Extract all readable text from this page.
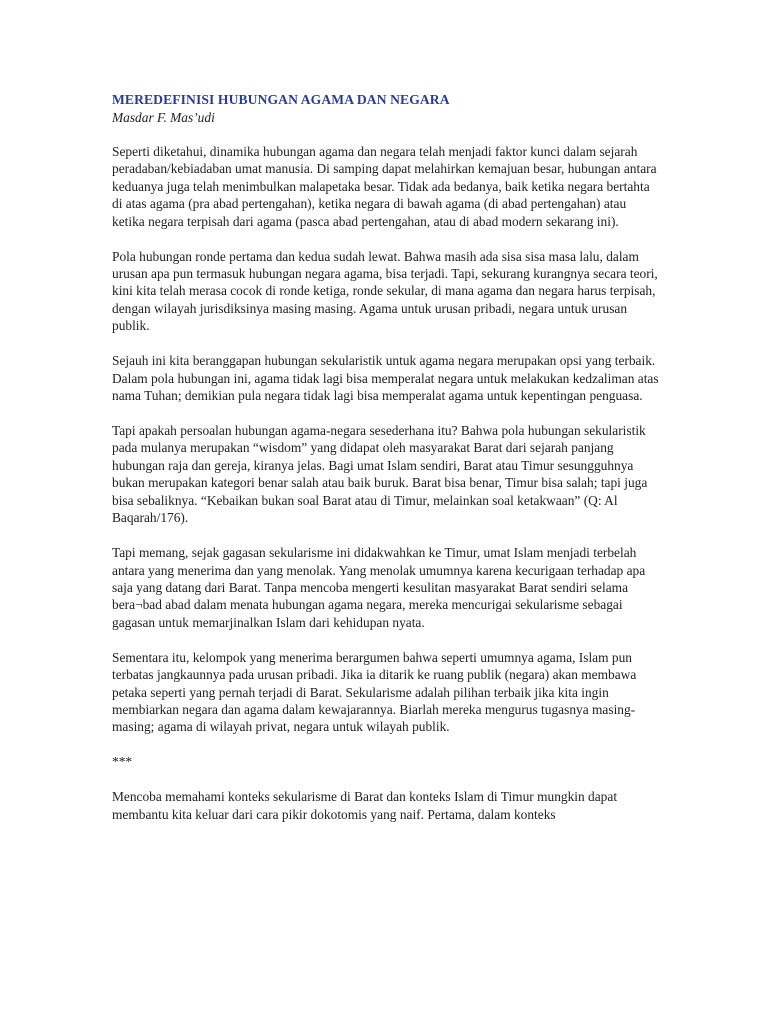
MEREDEFINISI HUBUNGAN AGAMA DAN NEGARA
Masdar F. Mas’udi

Seperti diketahui, dinamika hubungan agama dan negara telah menjadi faktor kunci dalam sejarah peradaban/kebiadaban umat manusia. Di samping dapat melahirkan kemajuan besar, hubungan antara keduanya juga telah menimbulkan malapetaka besar. Tidak ada bedanya, baik ketika negara bertahta di atas agama (pra abad pertengahan), ketika negara di bawah agama (di abad pertengahan) atau ketika negara terpisah dari agama (pasca abad pertengahan, atau di abad modern sekarang ini).

Pola hubungan ronde pertama dan kedua sudah lewat. Bahwa masih ada sisa sisa masa lalu, dalam urusan apa pun termasuk hubungan negara agama, bisa terjadi. Tapi, sekurang kurangnya secara teori, kini kita telah merasa cocok di ronde ketiga, ronde sekular, di mana agama dan negara harus terpisah, dengan wilayah jurisdiksinya masing masing. Agama untuk urusan pribadi, negara untuk urusan publik.

Sejauh ini kita beranggapan hubungan sekularistik untuk agama negara merupakan opsi yang terbaik. Dalam pola hubungan ini, agama tidak lagi bisa memperalat negara untuk melakukan kedzaliman atas nama Tuhan; demikian pula negara tidak lagi bisa memperalat agama untuk kepentingan penguasa.

Tapi apakah persoalan hubungan agama-negara sesederhana itu? Bahwa pola hubungan sekularistik pada mulanya merupakan “wisdom” yang didapat oleh masyarakat Barat dari sejarah panjang hubungan raja dan gereja, kiranya jelas. Bagi umat Islam sendiri, Barat atau Timur sesungguhnya bukan merupakan kategori benar salah atau baik buruk. Barat bisa benar, Timur bisa salah; tapi juga bisa sebaliknya. “Kebaikan bukan soal Barat atau di Timur, melainkan soal ketakwaan” (Q: Al Baqarah/176).

Tapi memang, sejak gagasan sekularisme ini didakwahkan ke Timur, umat Islam menjadi terbelah antara yang menerima dan yang menolak. Yang menolak umumnya karena kecurigaan terhadap apa saja yang datang dari Barat. Tanpa mencoba mengerti kesulitan masyarakat Barat sendiri selama bera¬bad abad dalam menata hubungan agama negara, mereka mencurigai sekularisme sebagai gagasan untuk memarjinalkan Islam dari kehidupan nyata.

Sementara itu, kelompok yang menerima berargumen bahwa seperti umumnya agama, Islam pun terbatas jangkaunnya pada urusan pribadi. Jika ia ditarik ke ruang publik (negara) akan membawa petaka seperti yang pernah terjadi di Barat. Sekularisme adalah pilihan terbaik jika kita ingin membiarkan negara dan agama dalam kewajarannya. Biarlah mereka mengurus tugasnya masing-masing; agama di wilayah privat, negara untuk wilayah publik.

***

Mencoba memahami konteks sekularisme di Barat dan konteks Islam di Timur mungkin dapat membantu kita keluar dari cara pikir dokotomis yang naif. Pertama, dalam konteks
